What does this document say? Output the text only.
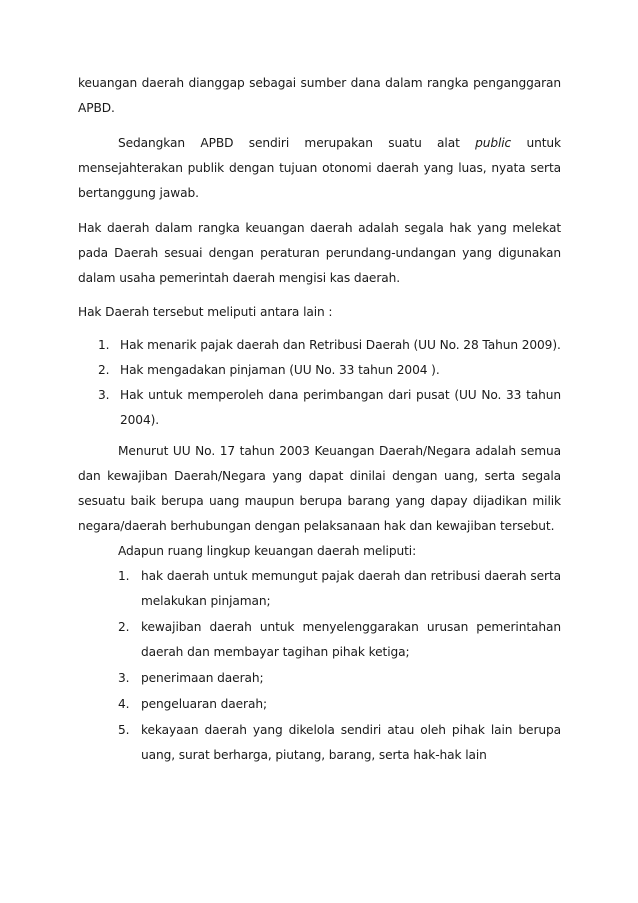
keuangan daerah dianggap sebagai sumber dana dalam rangka penganggaran APBD.

Sedangkan APBD sendiri merupakan suatu alat public untuk mensejahterakan publik dengan tujuan otonomi daerah yang luas, nyata serta bertanggung jawab.

Hak daerah dalam rangka keuangan daerah adalah segala hak yang melekat pada Daerah sesuai dengan peraturan perundang-undangan yang digunakan dalam usaha pemerintah daerah mengisi kas daerah.

Hak Daerah tersebut meliputi antara lain :

1. Hak menarik pajak daerah dan Retribusi Daerah (UU No. 28 Tahun 2009).
2. Hak mengadakan pinjaman (UU No. 33 tahun 2004 ).
3. Hak untuk memperoleh dana perimbangan dari pusat (UU No. 33 tahun 2004).

Menurut UU No. 17 tahun 2003 Keuangan Daerah/Negara adalah semua dan kewajiban Daerah/Negara yang dapat dinilai dengan uang, serta segala sesuatu baik berupa uang maupun berupa barang yang dapay dijadikan milik negara/daerah berhubungan dengan pelaksanaan hak dan kewajiban tersebut.

Adapun ruang lingkup keuangan daerah meliputi:

1. hak daerah untuk memungut pajak daerah dan retribusi daerah serta melakukan pinjaman;
2. kewajiban daerah untuk menyelenggarakan urusan pemerintahan daerah dan membayar tagihan pihak ketiga;
3. penerimaan daerah;
4. pengeluaran daerah;
5. kekayaan daerah yang dikelola sendiri atau oleh pihak lain berupa uang, surat berharga, piutang, barang, serta hak-hak lain
